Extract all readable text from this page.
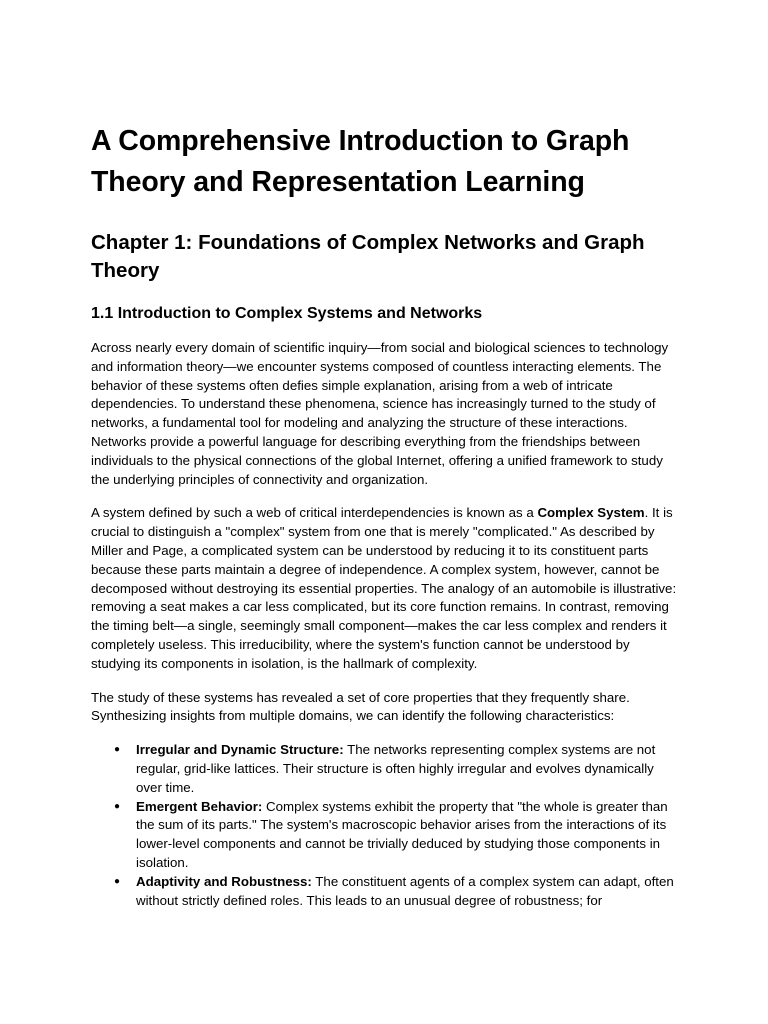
A Comprehensive Introduction to Graph Theory and Representation Learning
Chapter 1: Foundations of Complex Networks and Graph Theory
1.1 Introduction to Complex Systems and Networks

Across nearly every domain of scientific inquiry—from social and biological sciences to technology and information theory—we encounter systems composed of countless interacting elements. The behavior of these systems often defies simple explanation, arising from a web of intricate dependencies. To understand these phenomena, science has increasingly turned to the study of networks, a fundamental tool for modeling and analyzing the structure of these interactions. Networks provide a powerful language for describing everything from the friendships between individuals to the physical connections of the global Internet, offering a unified framework to study the underlying principles of connectivity and organization.

A system defined by such a web of critical interdependencies is known as a Complex System. It is crucial to distinguish a "complex" system from one that is merely "complicated." As described by Miller and Page, a complicated system can be understood by reducing it to its constituent parts because these parts maintain a degree of independence. A complex system, however, cannot be decomposed without destroying its essential properties. The analogy of an automobile is illustrative: removing a seat makes a car less complicated, but its core function remains. In contrast, removing the timing belt—a single, seemingly small component—makes the car less complex and renders it completely useless. This irreducibility, where the system's function cannot be understood by studying its components in isolation, is the hallmark of complexity.

The study of these systems has revealed a set of core properties that they frequently share. Synthesizing insights from multiple domains, we can identify the following characteristics:

● Irregular and Dynamic Structure: The networks representing complex systems are not regular, grid-like lattices. Their structure is often highly irregular and evolves dynamically over time.
● Emergent Behavior: Complex systems exhibit the property that "the whole is greater than the sum of its parts." The system's macroscopic behavior arises from the interactions of its lower-level components and cannot be trivially deduced by studying those components in isolation.
● Adaptivity and Robustness: The constituent agents of a complex system can adapt, often without strictly defined roles. This leads to an unusual degree of robustness; for
